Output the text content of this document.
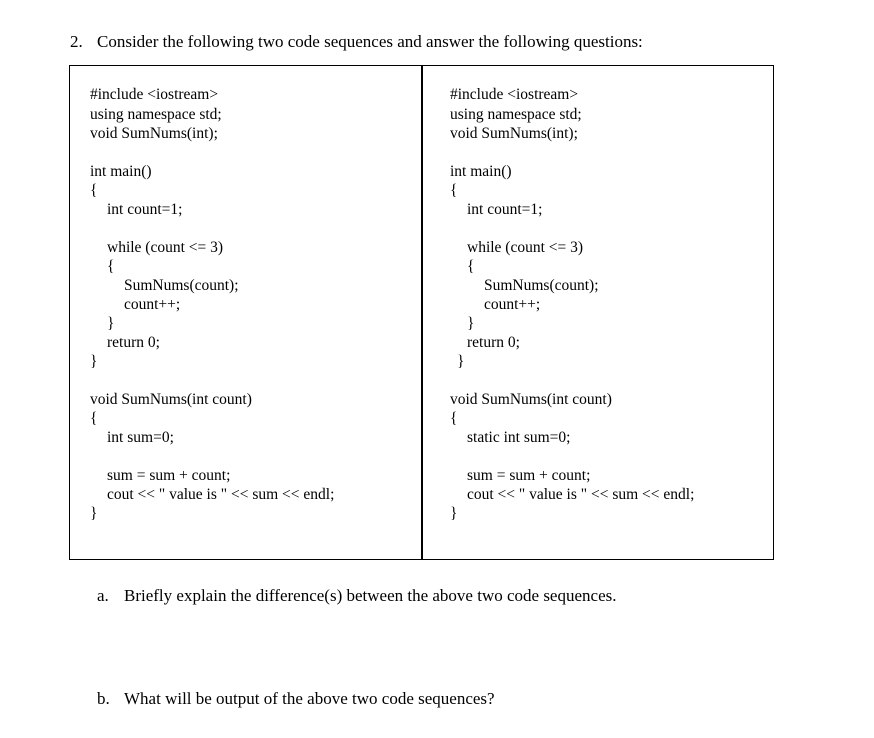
2. Consider the following two code sequences and answer the following questions:
#include <iostream>
using namespace std;
void SumNums(int);
int main()
{
int count=1;
while (count <= 3)
{
SumNums(count);
count++;
}
return 0;
}
void SumNums(int count)
{
int sum=0;
sum = sum + count;
cout << " value is " << sum << endl;
}
#include <iostream>
using namespace std;
void SumNums(int);
int main()
{
int count=1;
while (count <= 3)
{
SumNums(count);
count++;
}
return 0;
}
void SumNums(int count)
{
static int sum=0;
sum = sum + count;
cout << " value is " << sum << endl;
}
a. Briefly explain the difference(s) between the above two code sequences.
b. What will be output of the above two code sequences?
